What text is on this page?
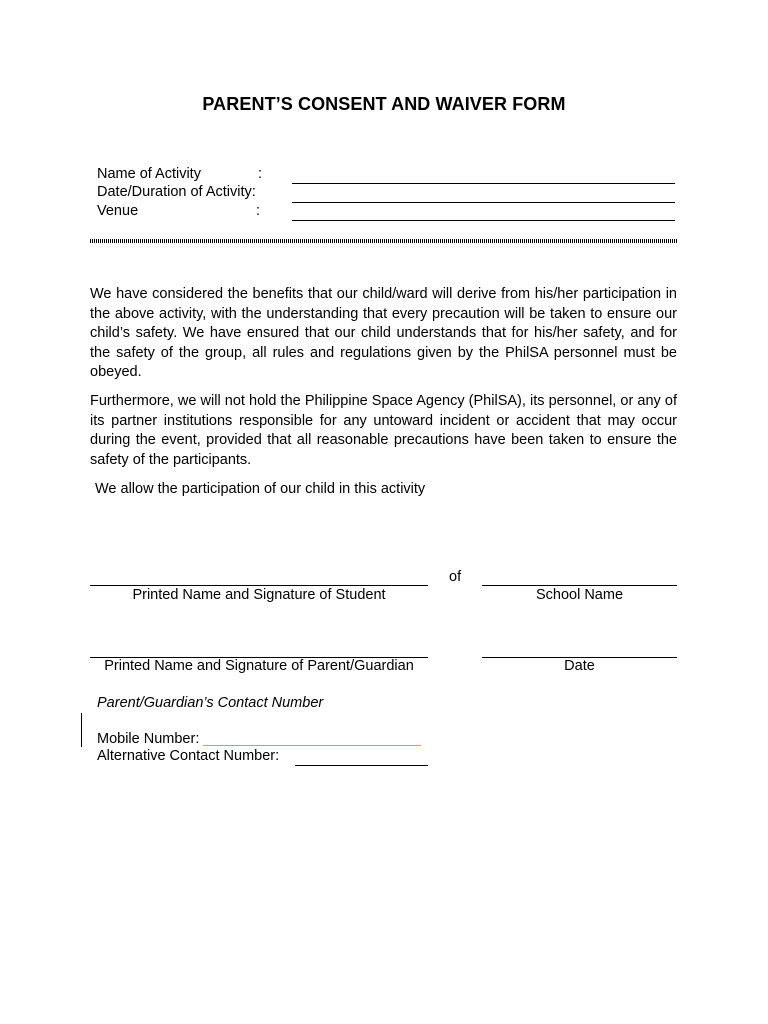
PARENT’S CONSENT AND WAIVER FORM
Name of Activity	:
Date/Duration of Activity:
Venue	:

We have considered the benefits that our child/ward will derive from his/her participation in the above activity, with the understanding that every precaution will be taken to ensure our child’s safety. We have ensured that our child understands that for his/her safety, and for the safety of the group, all rules and regulations given by the PhilSA personnel must be obeyed.

Furthermore, we will not hold the Philippine Space Agency (PhilSA), its personnel, or any of its partner institutions responsible for any untoward incident or accident that may occur during the event, provided that all reasonable precautions have been taken to ensure the safety of the participants.

We allow the participation of our child in this activity
of
Printed Name and Signature of Student	School Name
Printed Name and Signature of Parent/Guardian	Date
Parent/Guardian’s Contact Number
Mobile Number:
Alternative Contact Number:
